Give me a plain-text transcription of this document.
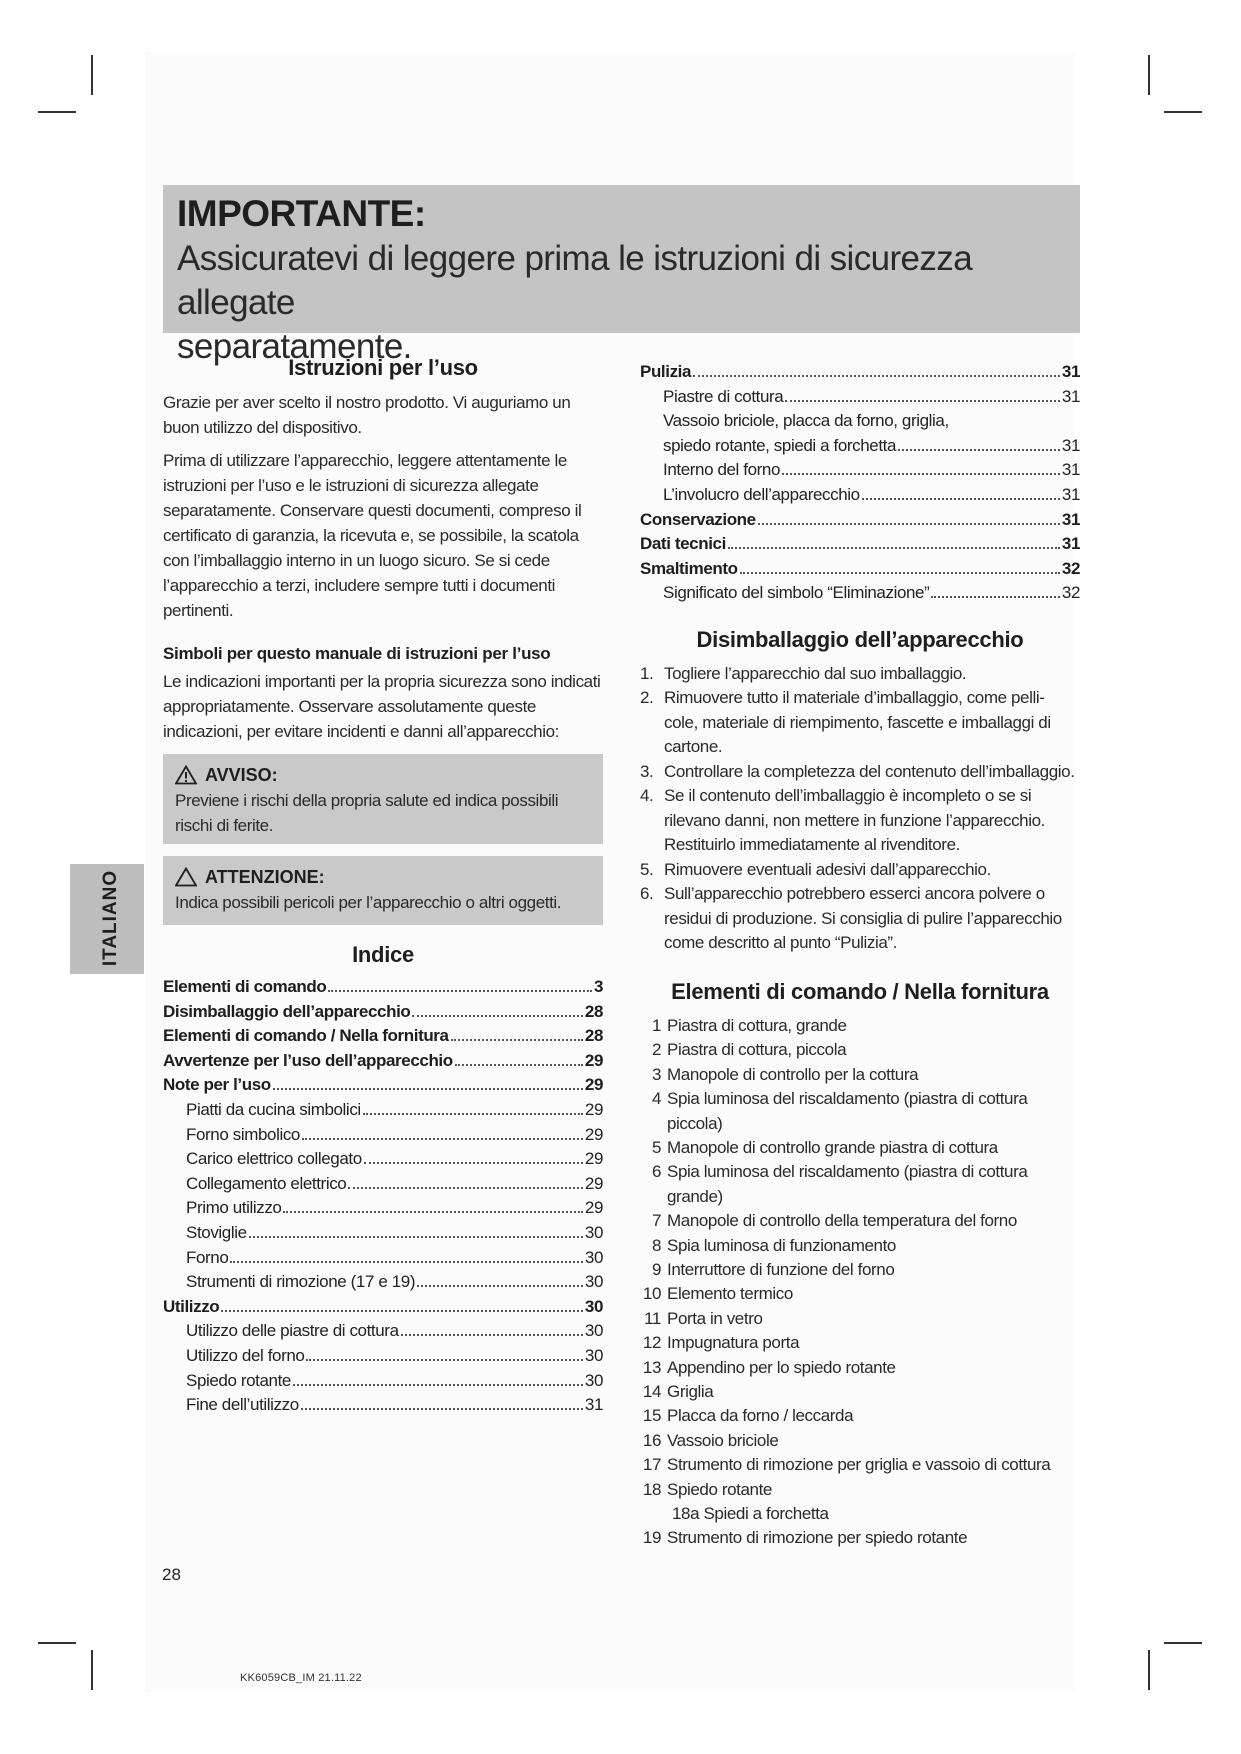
IMPORTANTE:
Assicuratevi di leggere prima le istruzioni di sicurezza allegate
separatamente.
Istruzioni per l’uso

Grazie per aver scelto il nostro prodotto. Vi auguriamo un buon utilizzo del dispositivo.

Prima di utilizzare l’apparecchio, leggere attentamente le istruzioni per l’uso e le istruzioni di sicurezza allegate separatamente. Conservare questi documenti, compreso il certificato di garanzia, la ricevuta e, se possibile, la scatola con l’imballaggio interno in un luogo sicuro. Se si cede l’apparecchio a terzi, includere sempre tutti i documenti pertinenti.

Simboli per questo manuale di istruzioni per l’uso

Le indicazioni importanti per la propria sicurezza sono indicati appropriatamente. Osservare assolutamente queste indicazioni, per evitare incidenti e danni all’apparecchio:

AVVISO:
Previene i rischi della propria salute ed indica possibili rischi di ferite.
ATTENZIONE:
Indica possibili pericoli per l’apparecchio o altri oggetti.
Indice
Elementi di comando	3
Disimballaggio dell’apparecchio	28
Elementi di comando / Nella fornitura	28
Avvertenze per l’uso dell’apparecchio	29
Note per l’uso	29
Piatti da cucina simbolici	29
Forno simbolico	29
Carico elettrico collegato	29
Collegamento elettrico	29
Primo utilizzo	29
Stoviglie	30
Forno	30
Strumenti di rimozione (17 e 19)	30
Utilizzo	30
Utilizzo delle piastre di cottura	30
Utilizzo del forno	30
Spiedo rotante	30
Fine dell’utilizzo	31
Pulizia	31
Piastre di cottura	31
Vassoio briciole, placca da forno, griglia,
spiedo rotante, spiedi a forchetta	31
Interno del forno	31
L’involucro dell’apparecchio	31
Conservazione	31
Dati tecnici	31
Smaltimento	32
Significato del simbolo “Eliminazione”	32
Disimballaggio dell’apparecchio
1. Togliere l’apparecchio dal suo imballaggio.
2. Rimuovere tutto il materiale d’imballaggio, come pelli-
cole, materiale di riempimento, fascette e imballaggi di
cartone.
3. Controllare la completezza del contenuto dell’imballaggio.
4. Se il contenuto dell’imballaggio è incompleto o se si
rilevano danni, non mettere in funzione l’apparecchio.
Restituirlo immediatamente al rivenditore.
5. Rimuovere eventuali adesivi dall’apparecchio.
6. Sull’apparecchio potrebbero esserci ancora polvere o
residui di produzione. Si consiglia di pulire l’apparecchio
come descritto al punto “Pulizia”.
Elementi di comando / Nella fornitura
1 Piastra di cottura, grande
2 Piastra di cottura, piccola
3 Manopole di controllo per la cottura
4 Spia luminosa del riscaldamento (piastra di cottura
piccola)
5 Manopole di controllo grande piastra di cottura
6 Spia luminosa del riscaldamento (piastra di cottura
grande)
7 Manopole di controllo della temperatura del forno
8 Spia luminosa di funzionamento
9 Interruttore di funzione del forno
10 Elemento termico
11 Porta in vetro
12 Impugnatura porta
13 Appendino per lo spiedo rotante
14 Griglia
15 Placca da forno / leccarda
16 Vassoio briciole
17 Strumento di rimozione per griglia e vassoio di cottura
18 Spiedo rotante
18a Spiedi a forchetta
19 Strumento di rimozione per spiedo rotante
ITALIANO
28
KK6059CB_IM 21.11.22
